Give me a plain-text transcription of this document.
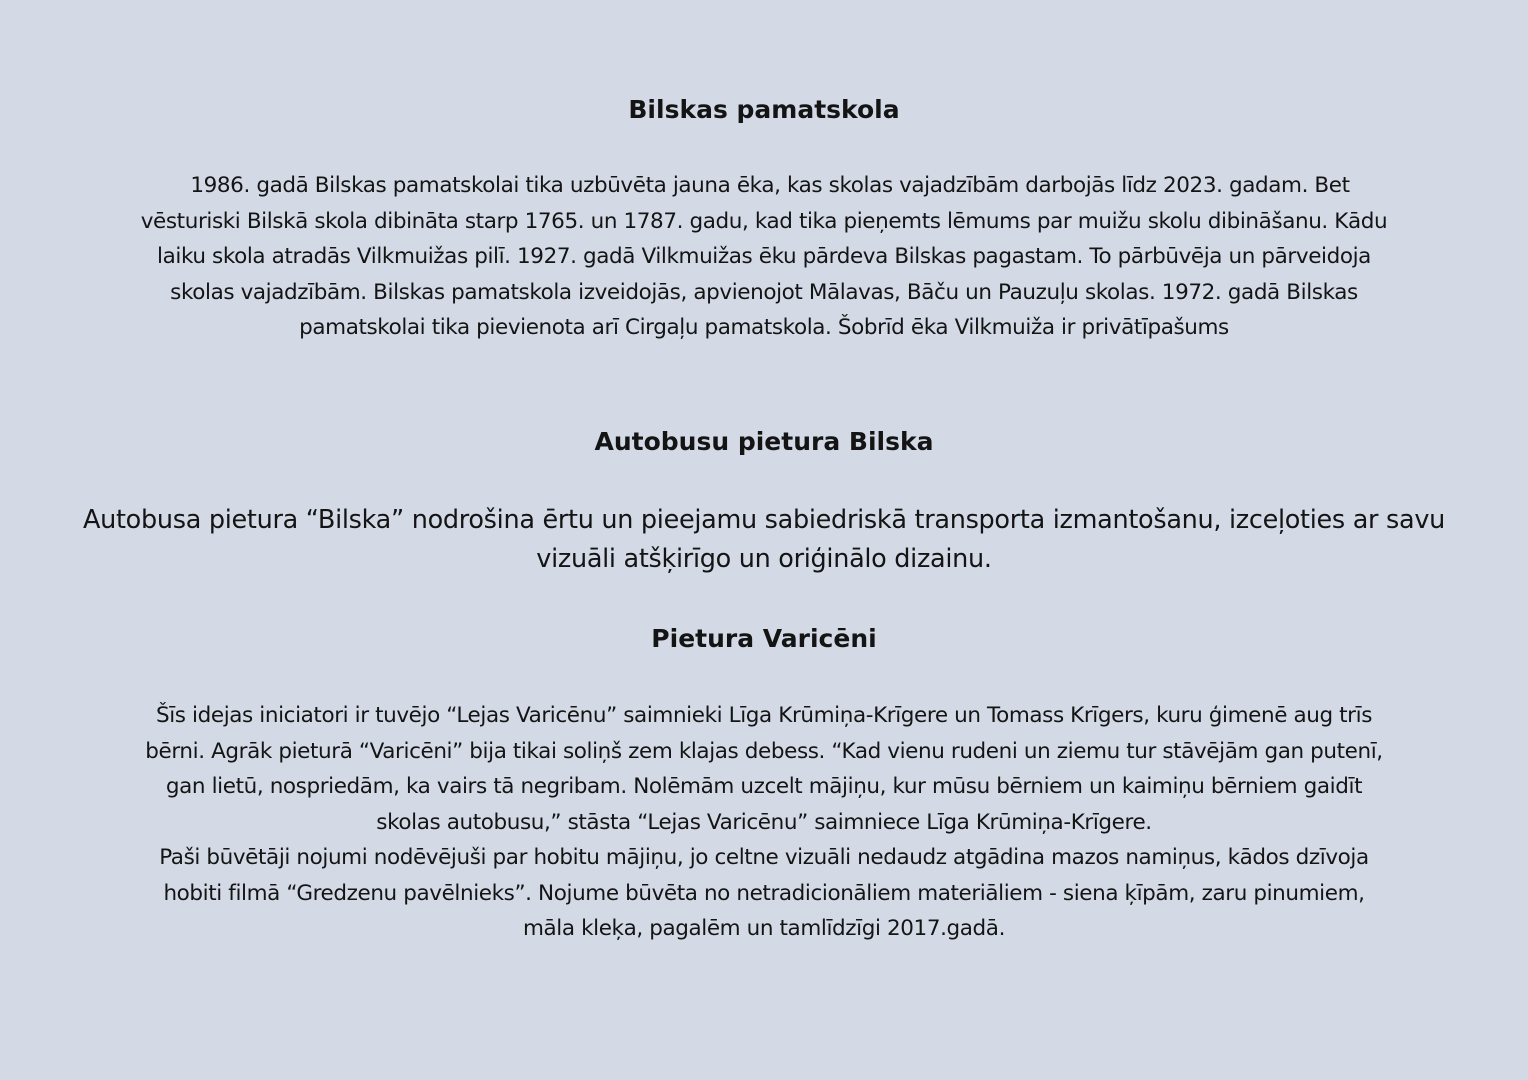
Bilskas pamatskola

1986. gadā Bilskas pamatskolai tika uzbūvēta jauna ēka, kas skolas vajadzībām darbojās līdz 2023. gadam. Bet
vēsturiski Bilskā skola dibināta starp 1765. un 1787. gadu, kad tika pieņemts lēmums par muižu skolu dibināšanu. Kādu
laiku skola atradās Vilkmuižas pilī. 1927. gadā Vilkmuižas ēku pārdeva Bilskas pagastam. To pārbūvēja un pārveidoja
skolas vajadzībām. Bilskas pamatskola izveidojās, apvienojot Mālavas, Bāču un Pauzuļu skolas. 1972. gadā Bilskas
pamatskolai tika pievienota arī Cirgaļu pamatskola. Šobrīd ēka Vilkmuiža ir privātīpašums

Autobusu pietura Bilska

Autobusa pietura “Bilska” nodrošina ērtu un pieejamu sabiedriskā transporta izmantošanu, izceļoties ar savu
vizuāli atšķirīgo un oriģinālo dizainu.

Pietura Varicēni

Šīs idejas iniciatori ir tuvējo “Lejas Varicēnu” saimnieki Līga Krūmiņa-Krīgere un Tomass Krīgers, kuru ģimenē aug trīs
bērni. Agrāk pieturā “Varicēni” bija tikai soliņš zem klajas debess. “Kad vienu rudeni un ziemu tur stāvējām gan putenī,
gan lietū, nospriedām, ka vairs tā negribam. Nolēmām uzcelt mājiņu, kur mūsu bērniem un kaimiņu bērniem gaidīt
skolas autobusu,” stāsta “Lejas Varicēnu” saimniece Līga Krūmiņa-Krīgere.
Paši būvētāji nojumi nodēvējuši par hobitu mājiņu, jo celtne vizuāli nedaudz atgādina mazos namiņus, kādos dzīvoja
hobiti filmā “Gredzenu pavēlnieks”. Nojume būvēta no netradicionāliem materiāliem - siena ķīpām, zaru pinumiem,
māla kleķa, pagalēm un tamlīdzīgi 2017.gadā.
